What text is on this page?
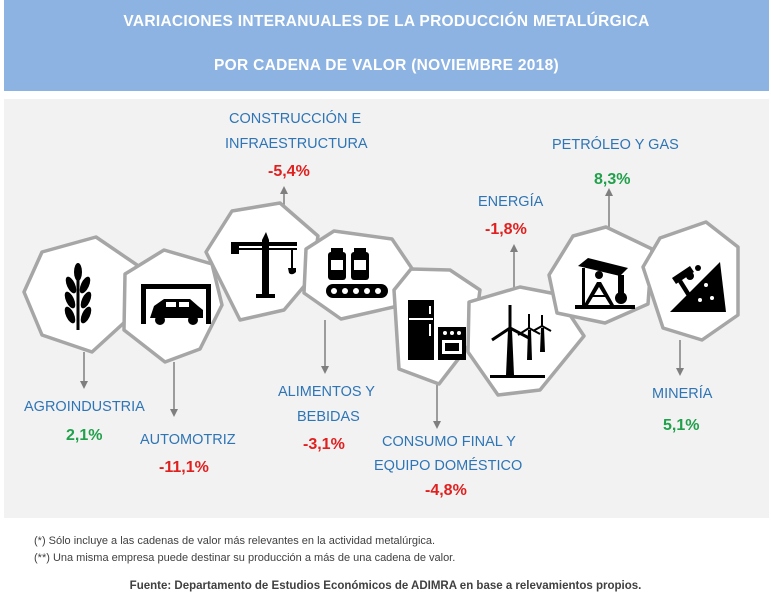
VARIACIONES INTERANUALES DE LA PRODUCCIÓN METALÚRGICA
POR CADENA DE VALOR (NOVIEMBRE 2018)
AGROINDUSTRIA
2,1%	AUTOMOTRIZ
-11,1%
CONSTRUCCIÓN E
INFRAESTRUCTURA
-5,4%
ALIMENTOS Y
BEBIDAS
-3,1%	CONSUMO FINAL Y
EQUIPO DOMÉSTICO
-4,8%
ENERGÍA
-1,8%
PETRÓLEO Y GAS
8,3%
MINERÍA
5,1%
(*) Sólo incluye a las cadenas de valor más relevantes en la actividad metalúrgica.
(**) Una misma empresa puede destinar su producción a más de una cadena de valor.
Fuente: Departamento de Estudios Económicos de ADIMRA en base a relevamientos propios.
